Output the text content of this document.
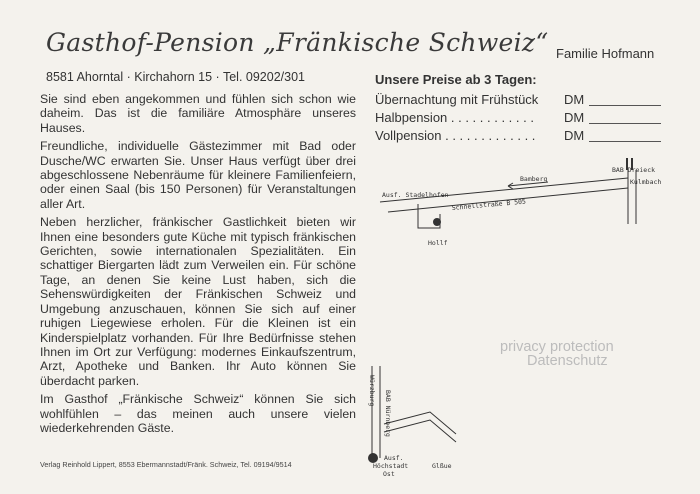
Gasthof-Pension „Fränkische Schweiz“ Familie Hofmann
8581 Ahorntal · Kirchahorn 15 · Tel. 09202/301

Sie sind eben angekommen und fühlen sich schon wie daheim. Das ist die familiäre Atmosphäre unseres Hauses.

Freundliche, individuelle Gästezimmer mit Bad oder Dusche/WC erwarten Sie. Unser Haus verfügt über drei abgeschlossene Nebenräume für kleinere Familienfeiern, oder einen Saal (bis 150 Personen) für Veranstaltungen aller Art.

Neben herzlicher, fränkischer Gastlichkeit bieten wir Ihnen eine besonders gute Küche mit typisch fränkischen Gerichten, sowie internationalen Spezialitäten. Ein schattiger Biergarten lädt zum Verweilen ein. Für schöne Tage, an denen Sie keine Lust haben, sich die Sehenswürdigkeiten der Fränkischen Schweiz und Umgebung anzuschauen, können Sie sich auf einer ruhigen Liegewiese erholen. Für die Kleinen ist ein Kinderspielplatz vorhanden. Für Ihre Bedürfnisse stehen Ihnen im Ort zur Verfügung: modernes Einkaufszentrum, Arzt, Apotheke und Banken. Ihr Auto können Sie überdacht parken.

Im Gasthof „Fränkische Schweiz“ können Sie sich wohlfühlen – das meinen auch unsere vielen wiederkehrenden Gäste.

Verlag Reinhold Lippert, 8553 Ebermannstadt/Fränk. Schweiz, Tel. 09194/9514
Unsere Preise ab 3 Tagen:
Übernachtung mit Frühstück DM
Halbpension . . . . . . . . . . . . DM
Vollpension . . . . . . . . . . . . . DM
Ausf. Stadelhofen
Bamberg
BAB Dreieck
Kulmbach
Schnellstraße B 505
Hollf
Würzburg BAB Nürnberg
Ausf.
Höchstadt
Ost
Glßue
privacy protection
Datenschutz
